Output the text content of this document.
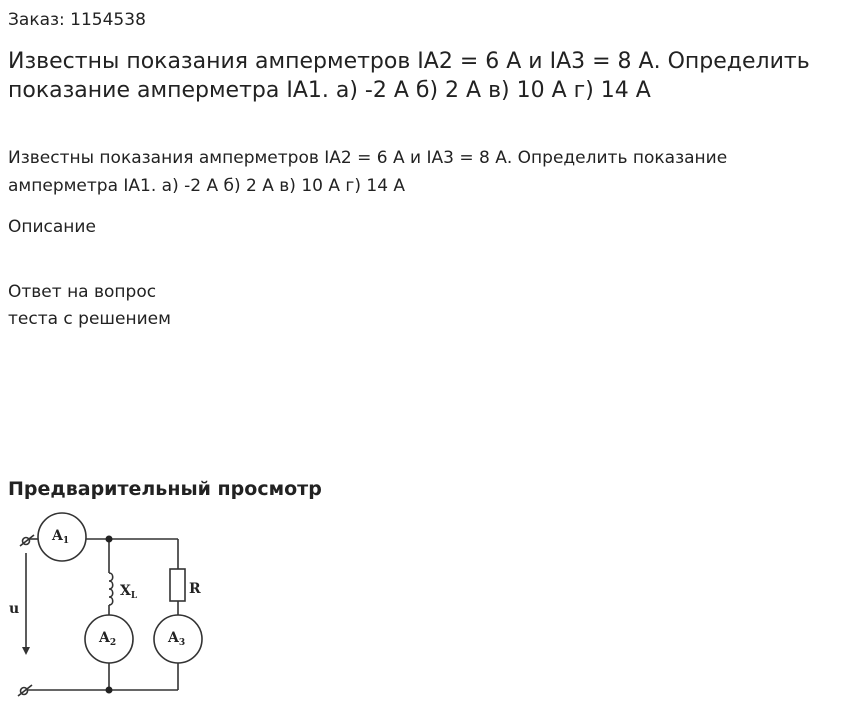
Заказ: 1154538
Известны показания амперметров IA2 = 6 А и IA3 = 8 А. Определить показание амперметра IA1. а) -2 А б) 2 А в) 10 А г) 14 А

Известны показания амперметров IA2 = 6 А и IA3 = 8 А. Определить показание амперметра IA1. а) -2 А б) 2 А в) 10 А г) 14 А

Описание
Ответ на вопрос теста с решением
Предварительный просмотр
$A_1$
$A_2$	$A_3$
$X_L$	R
u
